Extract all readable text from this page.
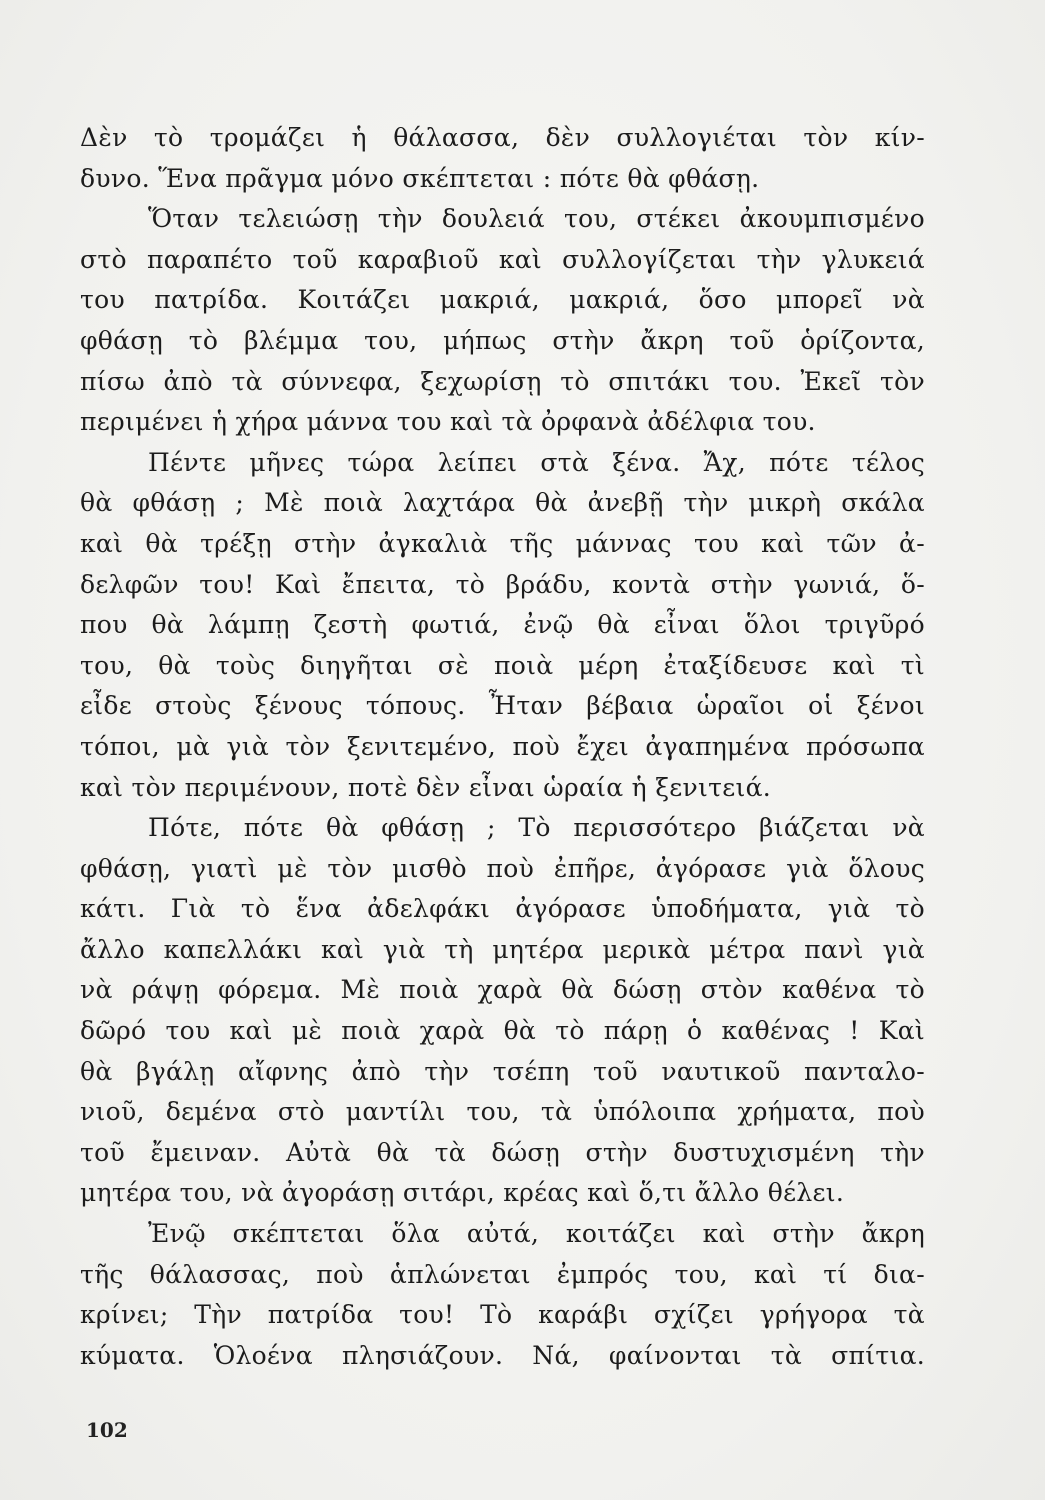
Δὲν τὸ τρομάζει ἡ θάλασσα, δὲν συλλογιέται τὸν κίν-
δυνο. Ἕνα πρᾶγμα μόνο σκέπτεται : πότε θὰ φθάσῃ.

Ὅταν τελειώσῃ τὴν δουλειά του, στέκει ἀκουμπισμένο
στὸ παραπέτο τοῦ καραβιοῦ καὶ συλλογίζεται τὴν γλυκειά
του πατρίδα. Κοιτάζει μακριά, μακριά, ὅσο μπορεῖ νὰ
φθάσῃ τὸ βλέμμα του, μήπως στὴν ἄκρη τοῦ ὁρίζοντα,
πίσω ἀπὸ τὰ σύννεφα, ξεχωρίσῃ τὸ σπιτάκι του. Ἐκεῖ τὸν
περιμένει ἡ χήρα μάννα του καὶ τὰ ὀρφανὰ ἀδέλφια του.

Πέντε μῆνες τώρα λείπει στὰ ξένα. Ἄχ, πότε τέλος
θὰ φθάσῃ ; Μὲ ποιὰ λαχτάρα θὰ ἀνεβῇ τὴν μικρὴ σκάλα
καὶ θὰ τρέξῃ στὴν ἀγκαλιὰ τῆς μάννας του καὶ τῶν ἀ-
δελφῶν του! Καὶ ἔπειτα, τὸ βράδυ, κοντὰ στὴν γωνιά, ὅ-
που θὰ λάμπῃ ζεστὴ φωτιά, ἐνῷ θὰ εἶναι ὅλοι τριγῦρό
του, θὰ τοὺς διηγῆται σὲ ποιὰ μέρη ἐταξίδευσε καὶ τὶ
εἶδε στοὺς ξένους τόπους. Ἦταν βέβαια ὡραῖοι οἱ ξένοι
τόποι, μὰ γιὰ τὸν ξενιτεμένο, ποὺ ἔχει ἀγαπημένα πρόσωπα
καὶ τὸν περιμένουν, ποτὲ δὲν εἶναι ὡραία ἡ ξενιτειά.

Πότε, πότε θὰ φθάσῃ ; Τὸ περισσότερο βιάζεται νὰ
φθάσῃ, γιατὶ μὲ τὸν μισθὸ ποὺ ἐπῆρε, ἀγόρασε γιὰ ὅλους
κάτι. Γιὰ τὸ ἕνα ἀδελφάκι ἀγόρασε ὑποδήματα, γιὰ τὸ
ἄλλο καπελλάκι καὶ γιὰ τὴ μητέρα μερικὰ μέτρα πανὶ γιὰ
νὰ ράψῃ φόρεμα. Μὲ ποιὰ χαρὰ θὰ δώσῃ στὸν καθένα τὸ
δῶρό του καὶ μὲ ποιὰ χαρὰ θὰ τὸ πάρῃ ὁ καθένας ! Καὶ
θὰ βγάλῃ αἴφνης ἀπὸ τὴν τσέπη τοῦ ναυτικοῦ πανταλο-
νιοῦ, δεμένα στὸ μαντίλι του, τὰ ὑπόλοιπα χρήματα, ποὺ
τοῦ ἔμειναν. Αὐτὰ θὰ τὰ δώσῃ στὴν δυστυχισμένη τὴν
μητέρα του, νὰ ἀγοράσῃ σιτάρι, κρέας καὶ ὅ,τι ἄλλο θέλει.

Ἐνῷ σκέπτεται ὅλα αὐτά, κοιτάζει καὶ στὴν ἄκρη
τῆς θάλασσας, ποὺ ἁπλώνεται ἐμπρός του, καὶ τί δια-
κρίνει; Τὴν πατρίδα του! Τὸ καράβι σχίζει γρήγορα τὰ
κύματα. Ὁλοένα πλησιάζουν. Νά, φαίνονται τὰ σπίτια.

102
